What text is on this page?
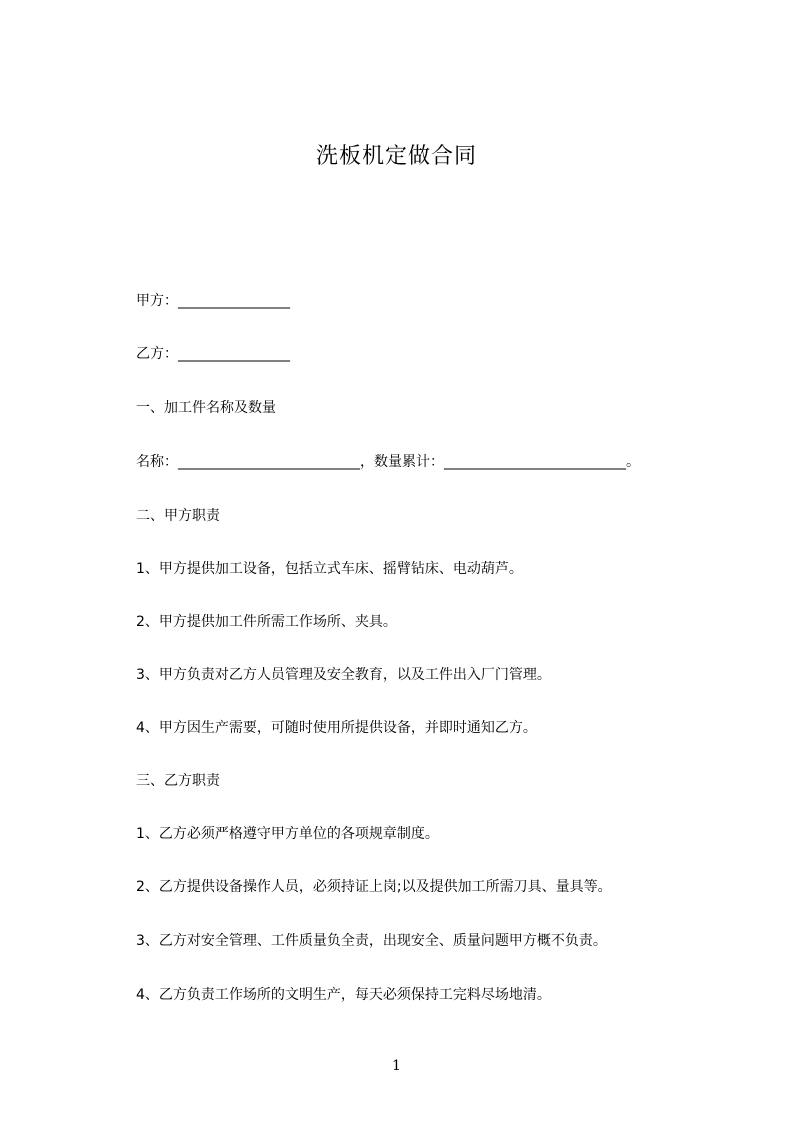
洗板机定做合同
甲方：________________
乙方：________________
一、加工件名称及数量
名称：__________________________，数量累计：__________________________。
二、甲方职责
1、甲方提供加工设备，包括立式车床、摇臂钻床、电动葫芦。
2、甲方提供加工件所需工作场所、夹具。
3、甲方负责对乙方人员管理及安全教育，以及工件出入厂门管理。
4、甲方因生产需要，可随时使用所提供设备，并即时通知乙方。
三、乙方职责
1、乙方必须严格遵守甲方单位的各项规章制度。
2、乙方提供设备操作人员，必须持证上岗;以及提供加工所需刀具、量具等。
3、乙方对安全管理、工件质量负全责，出现安全、质量问题甲方概不负责。
4、乙方负责工作场所的文明生产，每天必须保持工完料尽场地清。
1
